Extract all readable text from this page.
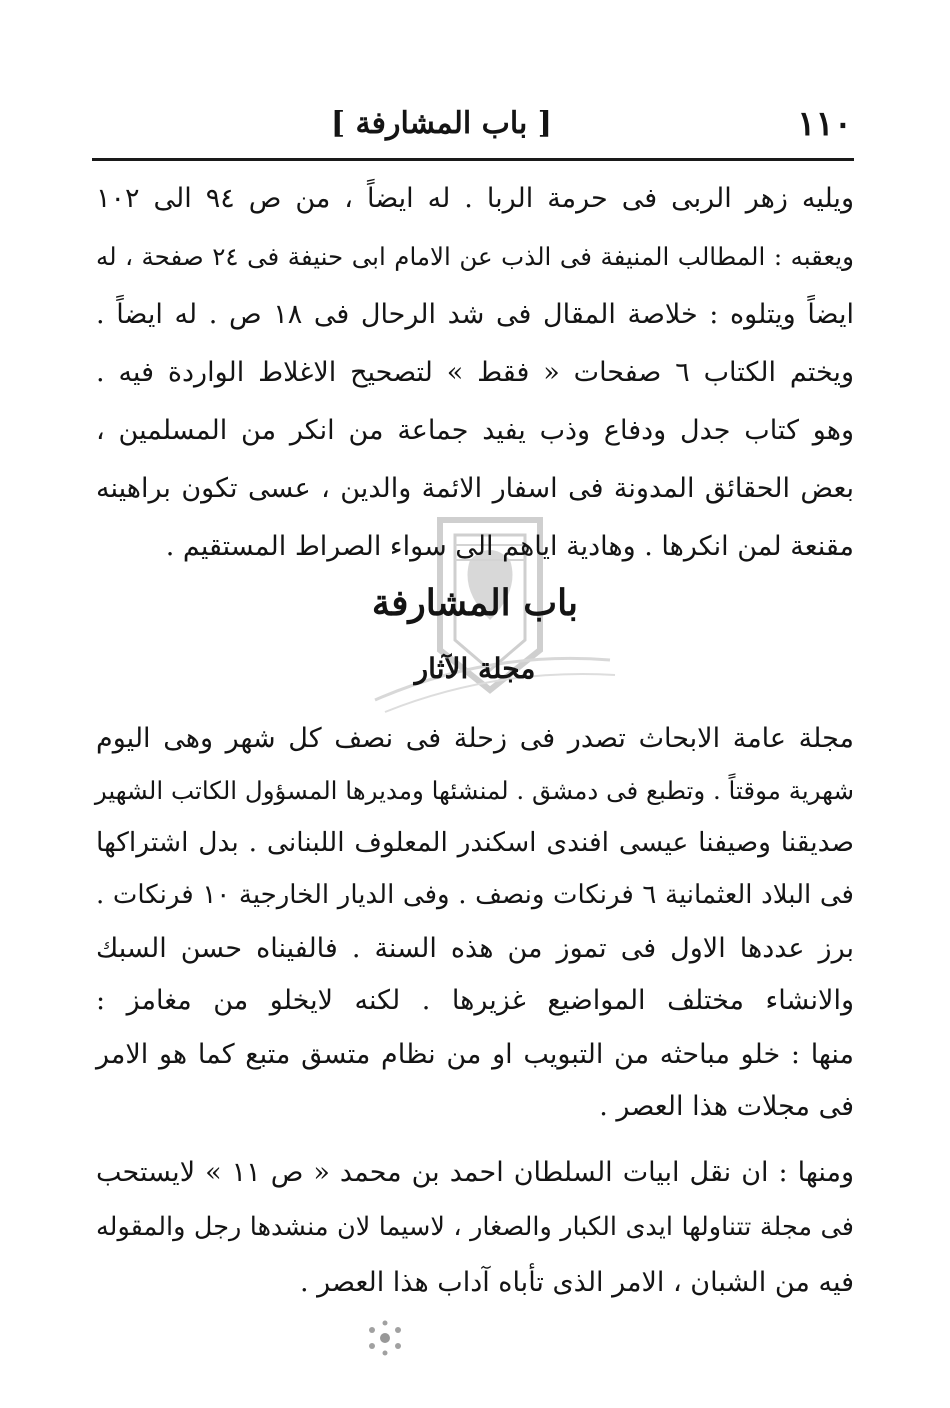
١١٠
[ باب المشارفة ]
ويليه زهر الربى فى حرمة الربا . له ايضاً ، من ص ٩٤ الى ١٠٢
ويعقبه : المطالب المنيفة فى الذب عن الامام ابى حنيفة فى ٢٤ صفحة ، له
ايضاً ويتلوه : خلاصة المقال فى شد الرحال فى ١٨ ص . له ايضاً .
ويختم الكتاب ٦ صفحات « فقط » لتصحيح الاغلاط الواردة فيه .
وهو كتاب جدل ودفاع وذب يفيد جماعة من انكر من المسلمين ،
بعض الحقائق المدونة فى اسفار الائمة والدين ، عسى تكون براهينه
مقنعة لمن انكرها . وهادية اياهم الى سواء الصراط المستقيم .
باب المشارفة
مجلة الآثار
مجلة عامة الابحاث تصدر فى زحلة فى نصف كل شهر وهى اليوم
شهرية موقتاً . وتطبع فى دمشق . لمنشئها ومديرها المسؤول الكاتب الشهير
صديقنا وصيفنا عيسى افندى اسكندر المعلوف اللبنانى . بدل اشتراكها
فى البلاد العثمانية ٦ فرنكات ونصف . وفى الديار الخارجية ١٠ فرنكات .
برز عددها الاول فى تموز من هذه السنة . فالفيناه حسن السبك
والانشاء مختلف المواضيع غزيرها . لكنه لايخلو من مغامز :
منها : خلو مباحثه من التبويب او من نظام متسق متبع كما هو الامر
فى مجلات هذا العصر .
ومنها : ان نقل ابيات السلطان احمد بن محمد « ص ١١ » لايستحب
فى مجلة تتناولها ايدى الكبار والصغار ، لاسيما لان منشدها رجل والمقوله
فيه من الشبان ، الامر الذى تأباه آداب هذا العصر .
